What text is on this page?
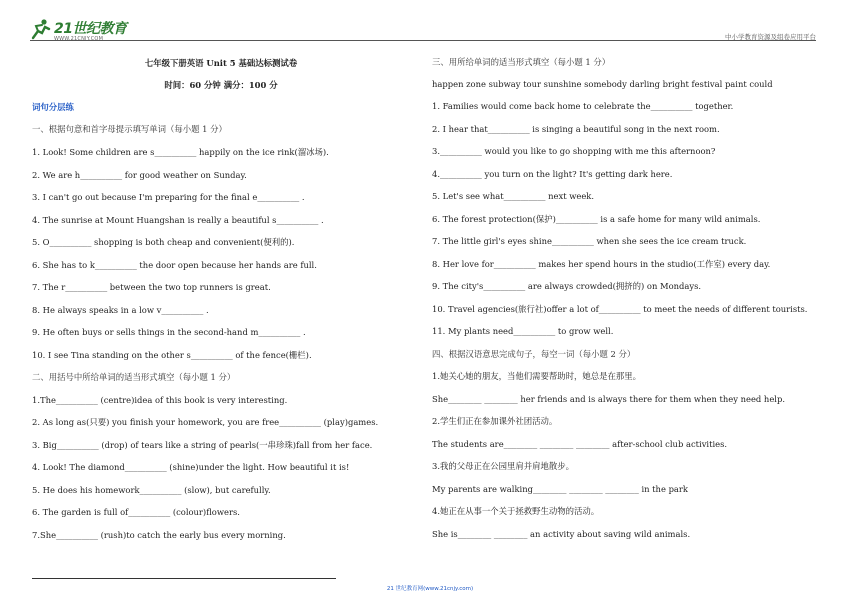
21世纪教育
WWW.21CNJY.COM	中小学教育资源及组卷应用平台
七年级下册英语 Unit 5 基础达标测试卷
时间：60 分钟 满分：100 分
词句分层练
一、根据句意和首字母提示填写单词（每小题 1 分）
1. Look! Some children are s__________ happily on the ice rink(溜冰场).
2. We are h__________ for good weather on Sunday.
3. I can't go out because I'm preparing for the final e__________ .
4. The sunrise at Mount Huangshan is really a beautiful s__________ .
5. O__________ shopping is both cheap and convenient(便利的).
6. She has to k__________ the door open because her hands are full.
7. The r__________ between the two top runners is great.
8. He always speaks in a low v__________ .
9. He often buys or sells things in the second-hand m__________ .
10. I see Tina standing on the other s__________ of the fence(栅栏).
二、用括号中所给单词的适当形式填空（每小题 1 分）
1.The__________ (centre)idea of this book is very interesting.
2. As long as(只要) you finish your homework, you are free__________ (play)games.
3. Big__________ (drop) of tears like a string of pearls(一串珍珠)fall from her face.
4. Look! The diamond__________ (shine)under the light. How beautiful it is!
5. He does his homework__________ (slow), but carefully.
6. The garden is full of__________ (colour)flowers.
7.She__________ (rush)to catch the early bus every morning.
三、用所给单词的适当形式填空（每小题 1 分）
happen zone subway tour sunshine somebody darling bright festival paint could
1. Families would come back home to celebrate the__________ together.
2. I hear that__________ is singing a beautiful song in the next room.
3.__________ would you like to go shopping with me this afternoon?
4.__________ you turn on the light? It's getting dark here.
5. Let's see what__________ next week.
6. The forest protection(保护)__________ is a safe home for many wild animals.
7. The little girl's eyes shine__________ when she sees the ice cream truck.
8. Her love for__________ makes her spend hours in the studio(工作室) every day.
9. The city's__________ are always crowded(拥挤的) on Mondays.
10. Travel agencies(旅行社)offer a lot of__________ to meet the needs of different tourists.
11. My plants need__________ to grow well.
四、根据汉语意思完成句子，每空一词（每小题 2 分）
1.她关心她的朋友，当他们需要帮助时，她总是在那里。
She________ ________ her friends and is always there for them when they need help.
2.学生们正在参加课外社团活动。
The students are________ ________ ________ after-school club activities.
3.我的父母正在公园里肩并肩地散步。
My parents are walking________ ________ ________ in the park
4.她正在从事一个关于拯救野生动物的活动。
She is________ ________ an activity about saving wild animals.
21 世纪教育网(www.21cnjy.com)
